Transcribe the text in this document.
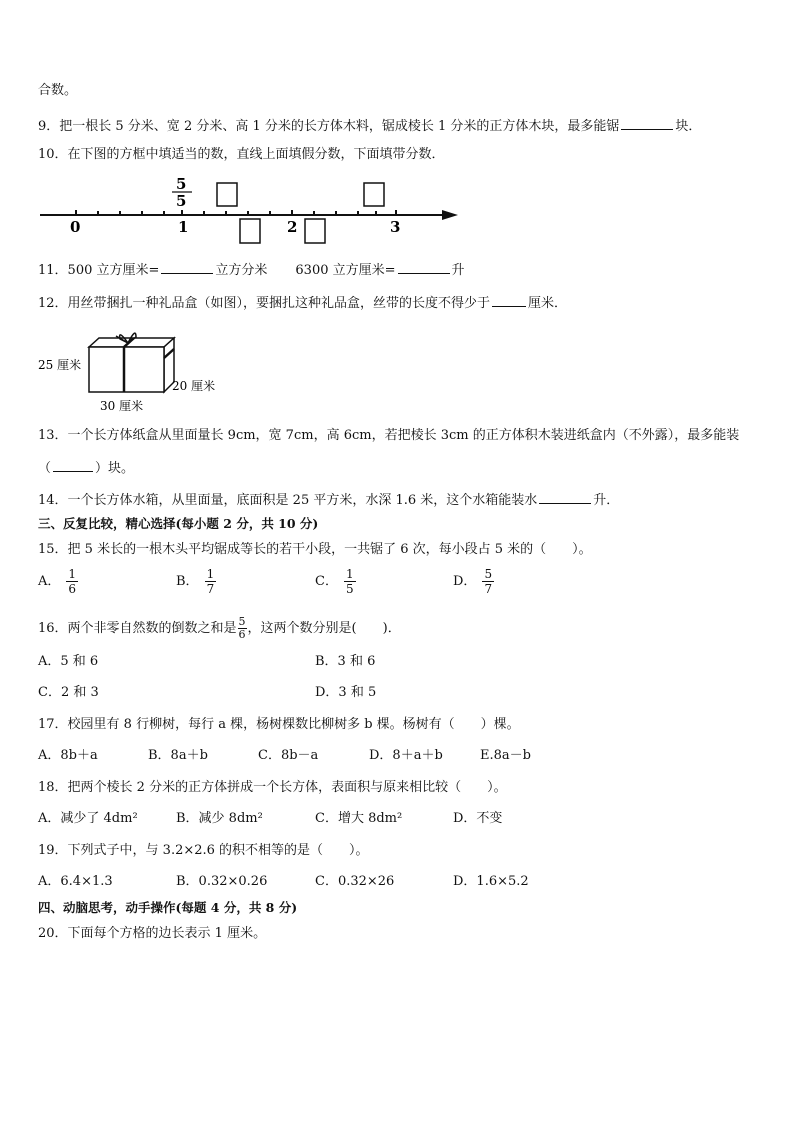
合数。
9．把一根长 5 分米、宽 2 分米、高 1 分米的长方体木料，锯成棱长 1 分米的正方体木块，最多能锯	块．
10．在下图的方框中填适当的数，直线上面填假分数，下面填带分数．
0	1	2	3
5
5
11．500 立方厘米=	立方分米 6300 立方厘米=	升
12．用丝带捆扎一种礼品盒（如图），要捆扎这种礼品盒，丝带的长度不得少于	厘米．
25 厘米
20 厘米
30 厘米
13．一个长方体纸盒从里面量长 9cm，宽 7cm，高 6cm，若把棱长 3cm 的正方体积木装进纸盒内（不外露），最多能装
（	）块。
14．一个长方体水箱，从里面量，底面积是 25 平方米，水深 1.6 米，这个水箱能装水	升．
三、反复比较，精心选择(每小题 2 分，共 10 分)
15．把 5 米长的一根木头平均锯成等长的若干小段，一共锯了 6 次，每小段占 5 米的（　　）。
A． $\frac{1}{6}$	B． $\frac{1}{7}$	C． $\frac{1}{5}$	D． $\frac{5}{7}$
16．两个非零自然数的倒数之和是 $\frac{5}{6}$ ，这两个数分别是(　　)．
A．5 和 6	B．3 和 6
C．2 和 3	D．3 和 5
17．校园里有 8 行柳树，每行 a 棵，杨树棵数比柳树多 b 棵。杨树有（　　）棵。
A．8b＋a	B．8a＋b	C．8b－a	D．8＋a＋b	E.8a－b
18．把两个棱长 2 分米的正方体拼成一个长方体，表面积与原来相比较（　　）。
A．减少了 4dm²	B．减少 8dm²	C．增大 8dm²	D．不变
19．下列式子中，与 3.2×2.6 的积不相等的是（　　）。
A．6.4×1.3	B．0.32×0.26	C．0.32×26	D．1.6×5.2
四、动脑思考，动手操作(每题 4 分，共 8 分)
20．下面每个方格的边长表示 1 厘米。
